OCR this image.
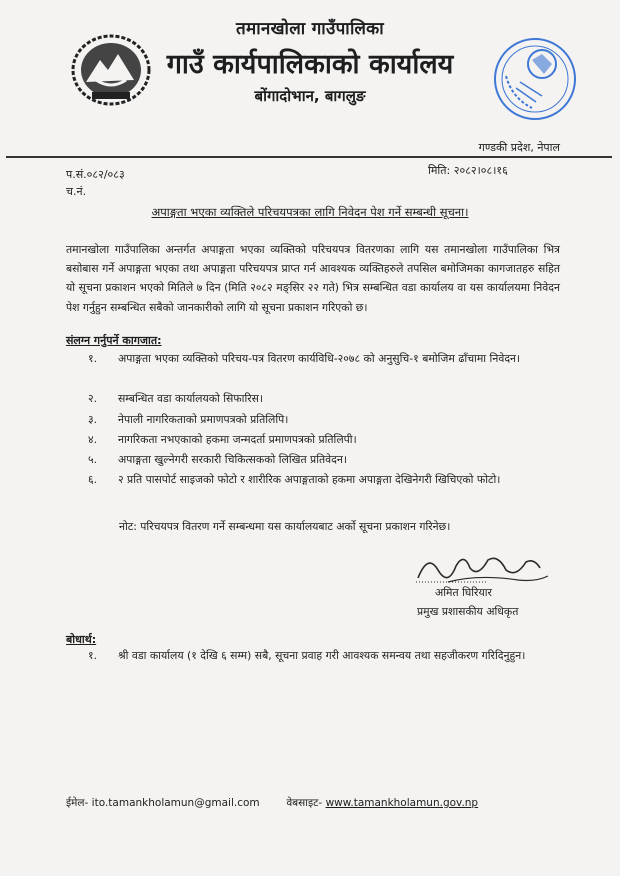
तमानखोला गाउँपालिका
गाउँ कार्यपालिकाको कार्यालय
बोंगादोभान, बागलुङ
गण्डकी प्रदेश, नेपाल
प.सं.०८२/०८३
च.नं.
मिति: २०८२।०८।१६
अपाङ्गता भएका व्यक्तिले परिचयपत्रका लागि निवेदन पेश गर्ने सम्बन्धी सूचना।
तमानखोला गाउँपालिका अन्तर्गत अपाङ्गता भएका व्यक्तिको परिचयपत्र वितरणका लागि यस तमानखोला गाउँपालिका भित्र बसोबास गर्ने अपाङ्गता भएका तथा अपाङ्गता परिचयपत्र प्राप्त गर्न आवश्यक व्यक्तिहरुले तपसिल बमोजिमका कागजातहरु सहित यो सूचना प्रकाशन भएको मितिले ७ दिन (मिति २०८२ मङ्सिर २२ गते) भित्र सम्बन्धित वडा कार्यालय वा यस कार्यालयमा निवेदन पेश गर्नुहुन सम्बन्धित सबैको जानकारीको लागि यो सूचना प्रकाशन गरिएको छ।
संलग्न गर्नुपर्ने कागजात:
१.	अपाङ्गता भएका व्यक्तिको परिचय-पत्र वितरण कार्यविधि-२०७८ को अनुसुचि-१ बमोजिम ढाँचामा निवेदन।
२.	सम्बन्धित वडा कार्यालयको सिफारिस।
३.	नेपाली नागरिकताको प्रमाणपत्रको प्रतिलिपि।
४.	नागरिकता नभएकाको हकमा जन्मदर्ता प्रमाणपत्रको प्रतिलिपी।
५.	अपाङ्गता खुल्नेगरी सरकारी चिकित्सकको लिखित प्रतिवेदन।
६.	२ प्रति पासपोर्ट साइजको फोटो र शारीरिक अपाङ्गताको हकमा अपाङ्गता देखिनेगरी खिचिएको फोटो।
नोट: परिचयपत्र वितरण गर्ने सम्बन्धमा यस कार्यालयबाट अर्को सूचना प्रकाशन गरिनेछ।
अमित घिरियार
प्रमुख प्रशासकीय अधिकृत
बोधार्थ:
१.	श्री वडा कार्यालय (१ देखि ६ सम्म) सबै, सूचना प्रवाह गरी आवश्यक समन्वय तथा सहजीकरण गरिदिनुहुन।
ईमेल- ito.tamankholamun@gmail.com	वेबसाइट- www.tamankholamun.gov.np
